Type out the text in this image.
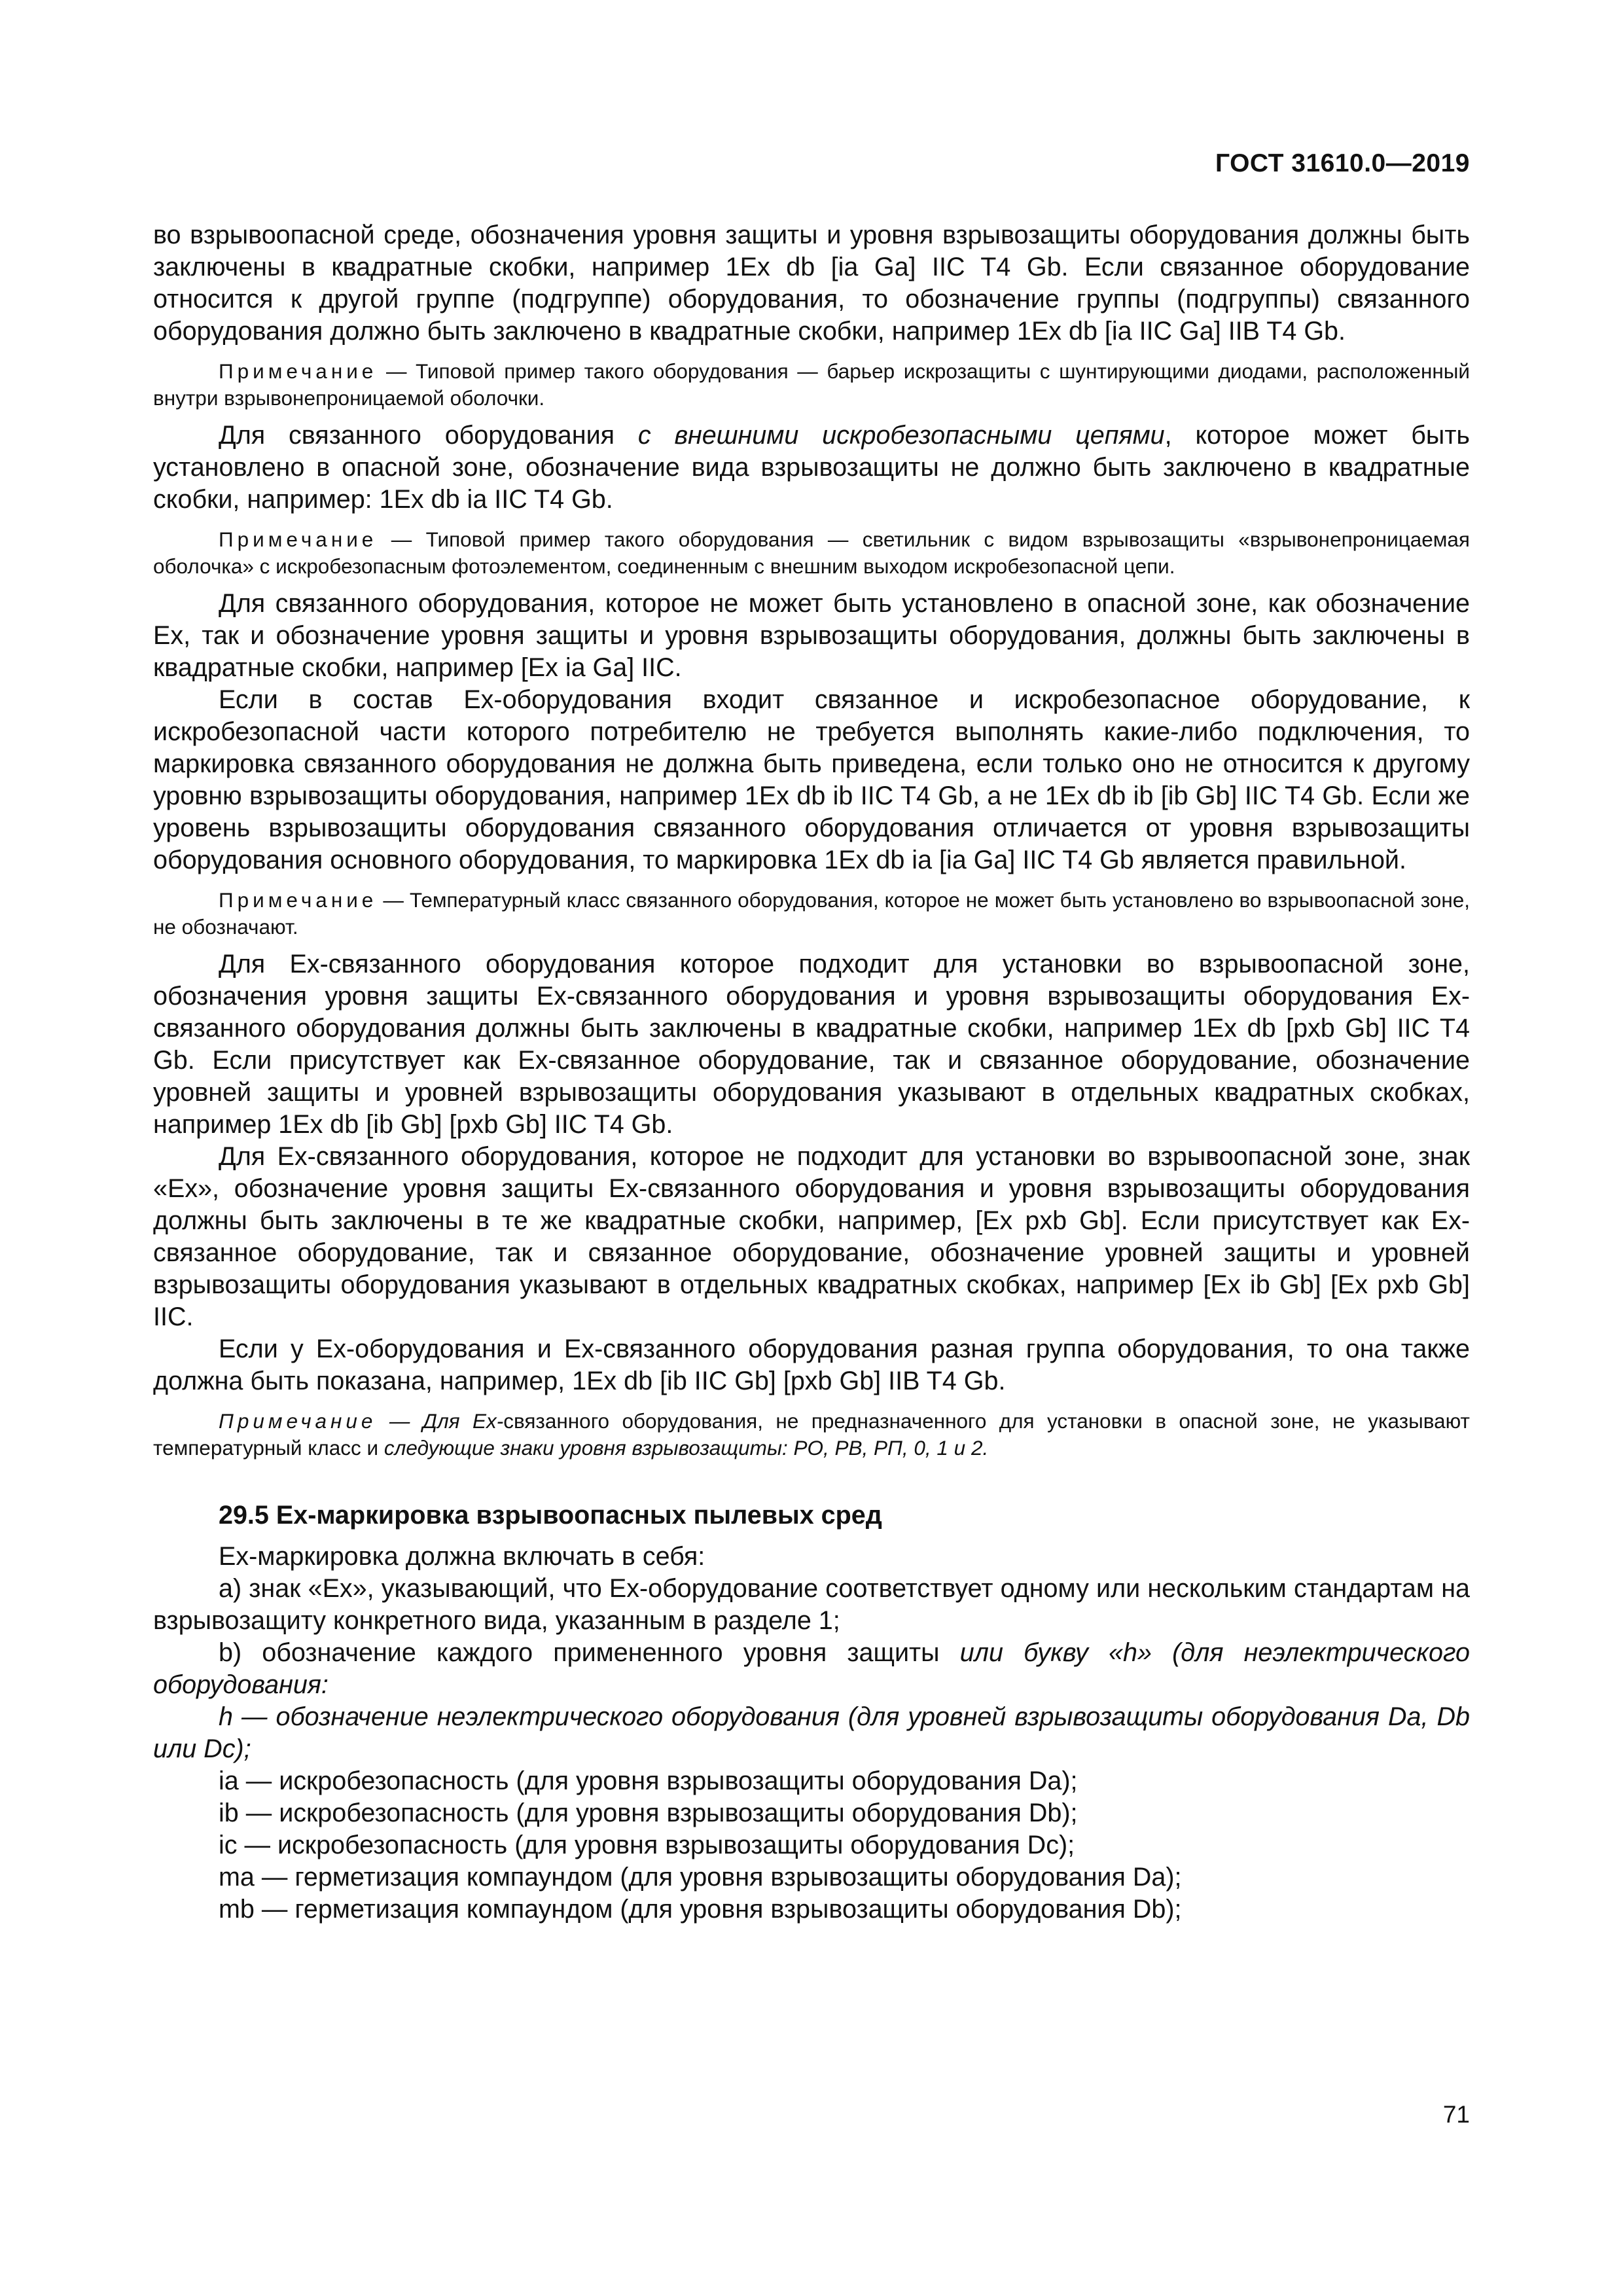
ГОСТ 31610.0—2019

во взрывоопасной среде, обозначения уровня защиты и уровня взрывозащиты оборудования должны быть заключены в квадратные скобки, например 1Ex db [ia Ga] IIC T4 Gb. Если связанное оборудование относится к другой группе (подгруппе) оборудования, то обозначение группы (подгруппы) связанного оборудования должно быть заключено в квадратные скобки, например 1Ex db [ia IIC Ga] IIB T4 Gb.

Примечание — Типовой пример такого оборудования — барьер искрозащиты с шунтирующими диодами, расположенный внутри взрывонепроницаемой оболочки.

Для связанного оборудования с внешними искробезопасными цепями, которое может быть установлено в опасной зоне, обозначение вида взрывозащиты не должно быть заключено в квадратные скобки, например: 1Ex db ia IIC T4 Gb.

Примечание — Типовой пример такого оборудования — светильник с видом взрывозащиты «взрывонепроницаемая оболочка» с искробезопасным фотоэлементом, соединенным с внешним выходом искробезопасной цепи.

Для связанного оборудования, которое не может быть установлено в опасной зоне, как обозначение Ex, так и обозначение уровня защиты и уровня взрывозащиты оборудования, должны быть заключены в квадратные скобки, например [Ex ia Ga] IIC.

Если в состав Ex-оборудования входит связанное и искробезопасное оборудование, к искробезопасной части которого потребителю не требуется выполнять какие-либо подключения, то маркировка связанного оборудования не должна быть приведена, если только оно не относится к другому уровню взрывозащиты оборудования, например 1Ex db ib IIC T4 Gb, а не 1Ex db ib [ib Gb] IIC T4 Gb. Если же уровень взрывозащиты оборудования связанного оборудования отличается от уровня взрывозащиты оборудования основного оборудования, то маркировка 1Ex db ia [ia Ga] IIC T4 Gb является правильной.

Примечание — Температурный класс связанного оборудования, которое не может быть установлено во взрывоопасной зоне, не обозначают.

Для Ex-связанного оборудования которое подходит для установки во взрывоопасной зоне, обозначения уровня защиты Ex-связанного оборудования и уровня взрывозащиты оборудования Ex-связанного оборудования должны быть заключены в квадратные скобки, например 1Ex db [pxb Gb] IIC T4 Gb. Если присутствует как Ex-связанное оборудование, так и связанное оборудование, обозначение уровней защиты и уровней взрывозащиты оборудования указывают в отдельных квадратных скобках, например 1Ex db [ib Gb] [pxb Gb] IIC T4 Gb.

Для Ex-связанного оборудования, которое не подходит для установки во взрывоопасной зоне, знак «Ex», обозначение уровня защиты Ex-связанного оборудования и уровня взрывозащиты оборудования должны быть заключены в те же квадратные скобки, например, [Ex pxb Gb]. Если присутствует как Ex-связанное оборудование, так и связанное оборудование, обозначение уровней защиты и уровней взрывозащиты оборудования указывают в отдельных квадратных скобках, например [Ex ib Gb] [Ex pxb Gb] IIC.

Если у Ex-оборудования и Ex-связанного оборудования разная группа оборудования, то она также должна быть показана, например, 1Ex db [ib IIC Gb] [pxb Gb] IIB T4 Gb.

Примечание — Для Ex-связанного оборудования, не предназначенного для установки в опасной зоне, не указывают температурный класс и следующие знаки уровня взрывозащиты: PO, PB, РП, 0, 1 и 2.

29.5 Ex-маркировка взрывоопасных пылевых сред

Ex-маркировка должна включать в себя:

а) знак «Ex», указывающий, что Ex-оборудование соответствует одному или нескольким стандартам на взрывозащиту конкретного вида, указанным в разделе 1;

b) обозначение каждого примененного уровня защиты или букву «h» (для неэлектрического оборудования:

h — обозначение неэлектрического оборудования (для уровней взрывозащиты оборудования Da, Db или Dc);

ia — искробезопасность (для уровня взрывозащиты оборудования Da);

ib — искробезопасность (для уровня взрывозащиты оборудования Db);

ic — искробезопасность (для уровня взрывозащиты оборудования Dc);

ma — герметизация компаундом (для уровня взрывозащиты оборудования Da);

mb — герметизация компаундом (для уровня взрывозащиты оборудования Db);

71
